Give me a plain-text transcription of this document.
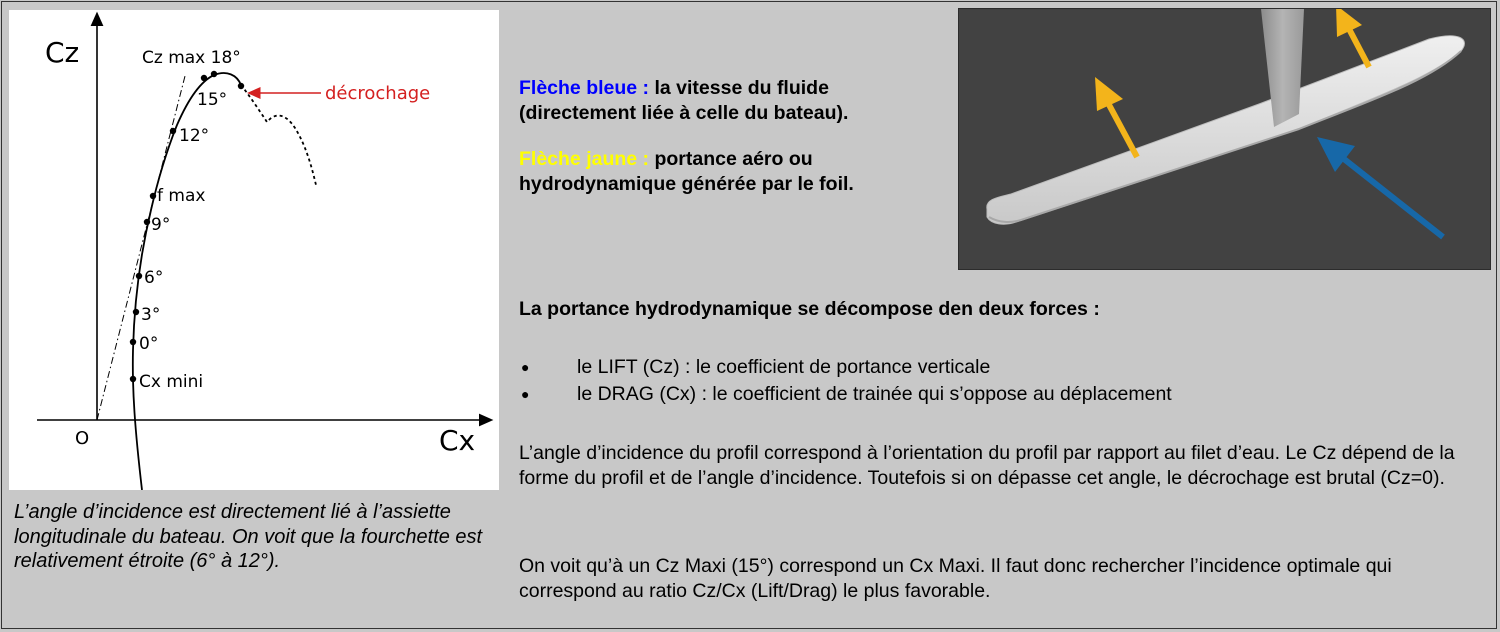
Cz
Cx
O
Cz max 18°
15°
12°
f max
9°
6°
3°
0°
Cx mini
décrochage
L’angle d’incidence est directement lié à l’assiette longitudinale du bateau. On voit que la fourchette est relativement étroite (6° à 12°).

Flèche bleue : la vitesse du fluide (directement liée à celle du bateau).

Flèche jaune : portance aéro ou hydrodynamique générée par le foil.

La portance hydrodynamique se décompose den deux forces :
●	le LIFT (Cz) : le coefficient de portance verticale
●	le DRAG (Cx) : le coefficient de trainée qui s’oppose au déplacement

L’angle d’incidence du profil correspond à l’orientation du profil par rapport au filet d’eau. Le Cz dépend de la forme du profil et de l’angle d’incidence. Toutefois si on dépasse cet angle, le décrochage est brutal (Cz=0).

On voit qu’à un Cz Maxi (15°) correspond un Cx Maxi. Il faut donc rechercher l’incidence optimale qui correspond au ratio Cz/Cx (Lift/Drag) le plus favorable.
